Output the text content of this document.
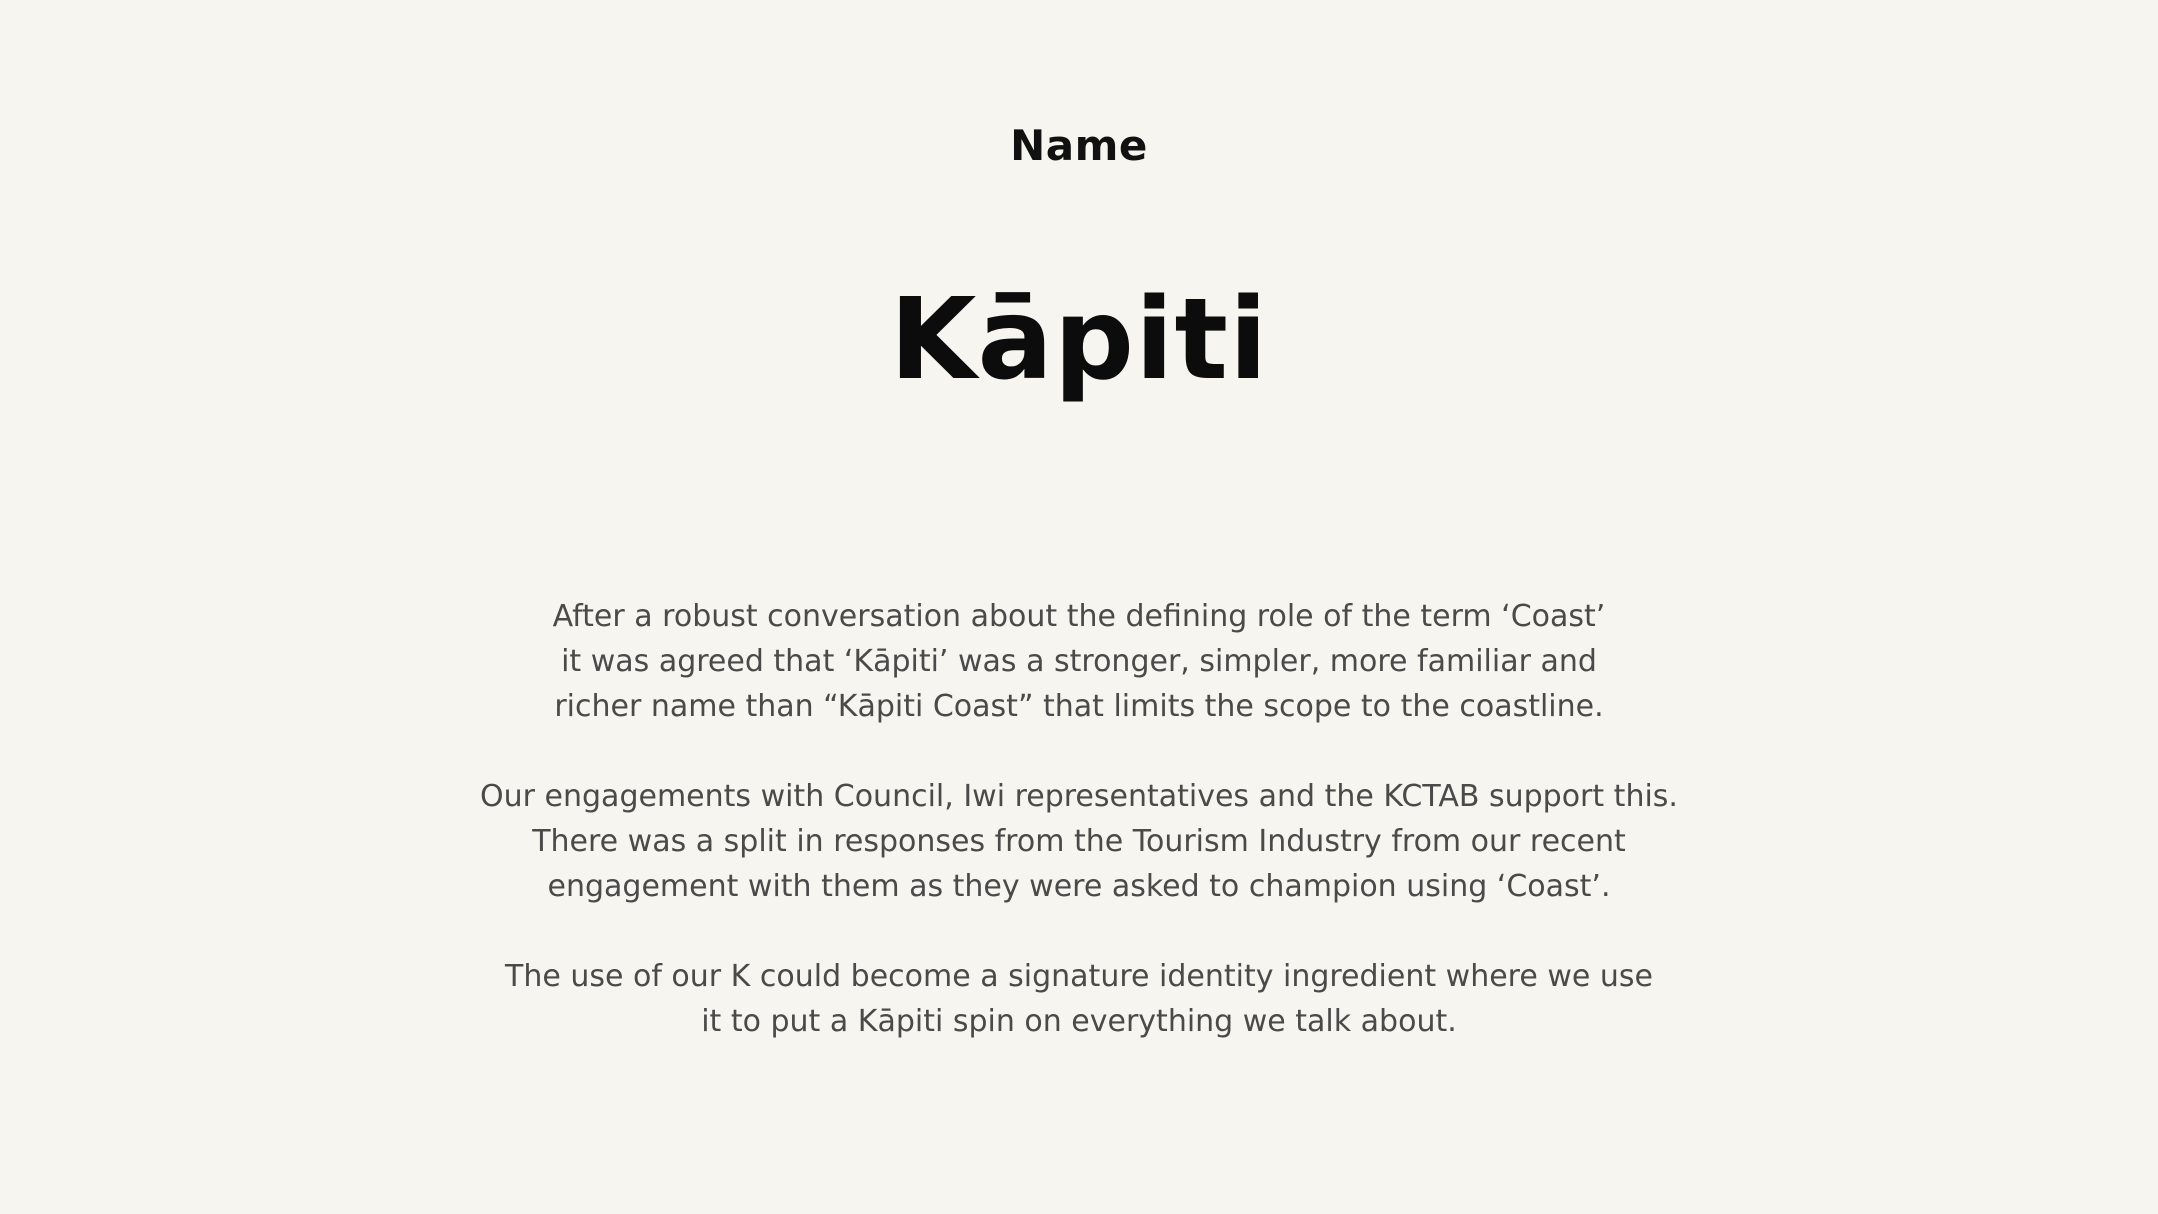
Name
Kāpiti

After a robust conversation about the defining role of the term ‘Coast’
it was agreed that ‘Kāpiti’ was a stronger, simpler, more familiar and
richer name than “Kāpiti Coast” that limits the scope to the coastline.

Our engagements with Council, Iwi representatives and the KCTAB support this.
There was a split in responses from the Tourism Industry from our recent
engagement with them as they were asked to champion using ‘Coast’.

The use of our K could become a signature identity ingredient where we use
it to put a Kāpiti spin on everything we talk about.
